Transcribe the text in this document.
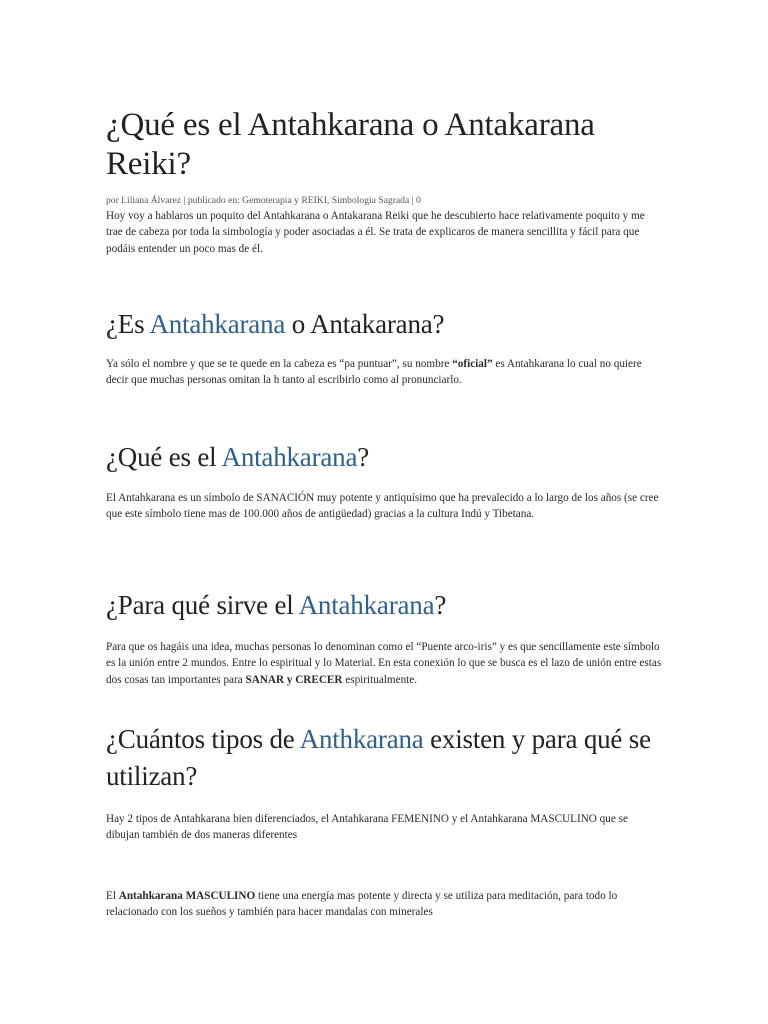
¿Qué es el Antahkarana o Antakarana Reiki?
por Liliana Álvarez | publicado en: Gemoterapia y REIKI, Simbología Sagrada | 0

Hoy voy a hablaros un poquito del Antahkarana o Antakarana Reiki que he descubierto hace relativamente poquito y me trae de cabeza por toda la simbología y poder asociadas a él. Se trata de explicaros de manera sencillita y fácil para que podáis entender un poco mas de él.

¿Es Antahkarana o Antakarana?

Ya sólo el nombre y que se te quede en la cabeza es “pa puntuar”, su nombre “oficial” es Antahkarana lo cual no quiere decir que muchas personas omitan la h tanto al escribirlo como al pronunciarlo.

¿Qué es el Antahkarana?

El Antahkarana es un símbolo de SANACIÓN muy potente y antiquísimo que ha prevalecido a lo largo de los años (se cree que este símbolo tiene mas de 100.000 años de antigüedad) gracias a la cultura Indú y Tibetana.

¿Para qué sirve el Antahkarana?

Para que os hagáis una idea, muchas personas lo denominan como el “Puente arco-iris” y es que sencillamente este símbolo es la unión entre 2 mundos. Entre lo espiritual y lo Material. En esta conexión lo que se busca es el lazo de unión entre estas dos cosas tan importantes para SANAR y CRECER espiritualmente.

¿Cuántos tipos de Anthkarana existen y para qué se utilizan?

Hay 2 tipos de Antahkarana bien diferenciados, el Antahkarana FEMENINO y el Antahkarana MASCULINO que se dibujan también de dos maneras diferentes

El Antahkarana MASCULINO tiene una energía mas potente y directa y se utiliza para meditación, para todo lo relacionado con los sueños y también para hacer mandalas con minerales
